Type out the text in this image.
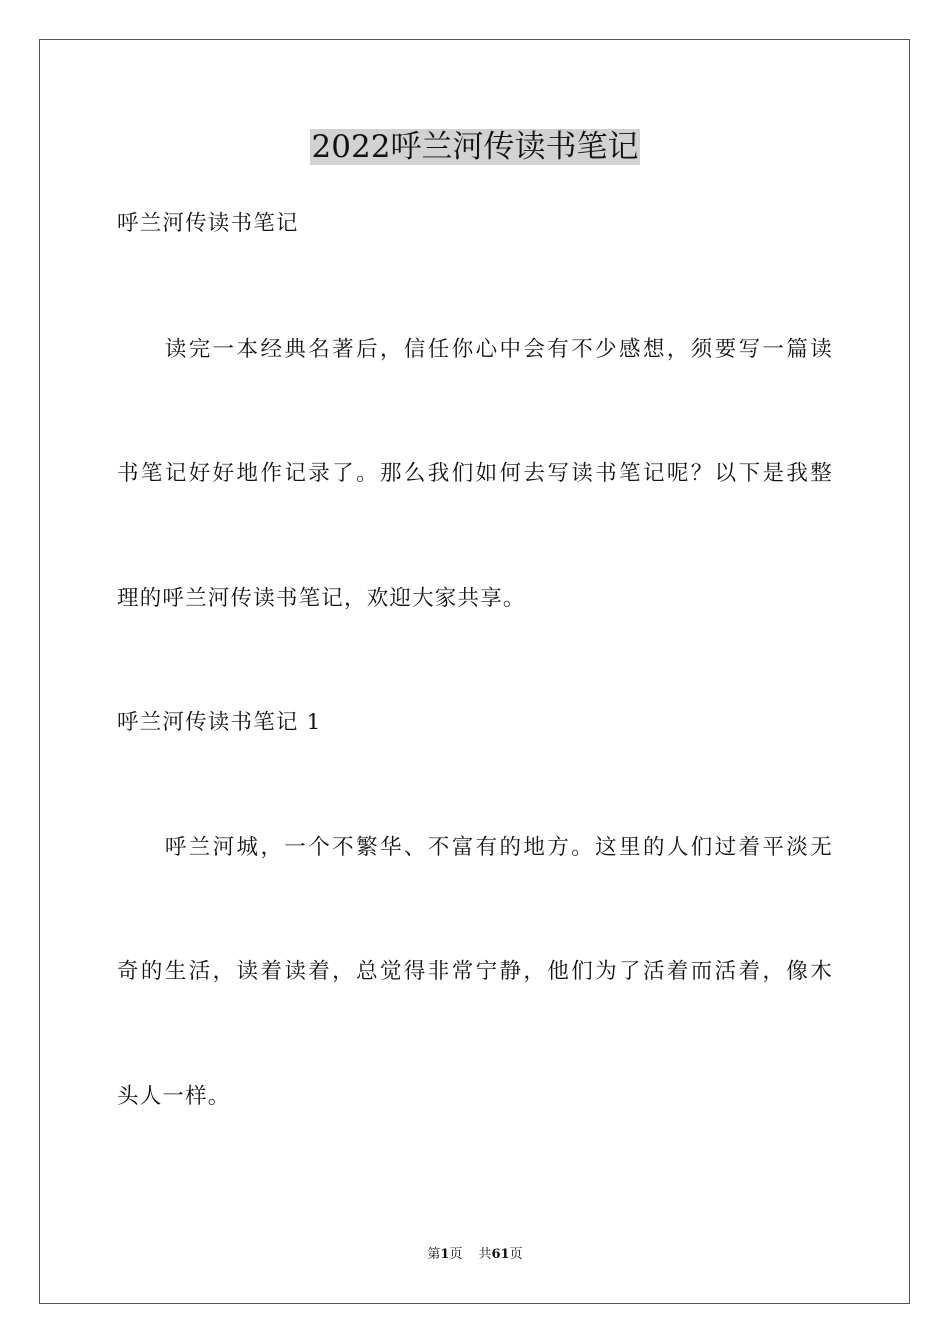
2022呼兰河传读书笔记
呼兰河传读书笔记
　　读完一本经典名著后，信任你心中会有不少感想，须要写一篇读
书笔记好好地作记录了。那么我们如何去写读书笔记呢？以下是我整
理的呼兰河传读书笔记，欢迎大家共享。
呼兰河传读书笔记 1
　　呼兰河城，一个不繁华、不富有的地方。这里的人们过着平淡无
奇的生活，读着读着，总觉得非常宁静，他们为了活着而活着，像木
头人一样。
第1页 共61页
